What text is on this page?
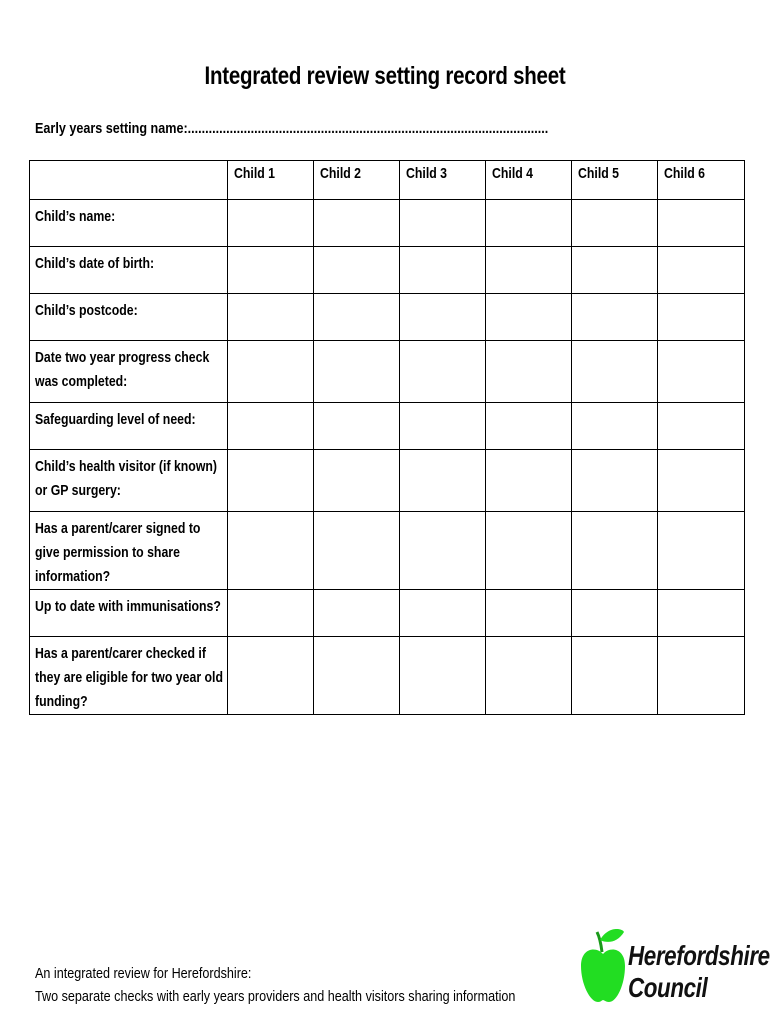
Integrated review setting record sheet
Early years setting name:.......................................................................................................
	Child 1	Child 2	Child 3	Child 4	Child 5	Child 6

Child’s name:						

Child’s date of birth:						

Child’s postcode:						

Date two year progress check was completed:						

Safeguarding level of need:						

Child’s health visitor (if known) or GP surgery:						

Has a parent/carer signed to give permission to share information?						

Up to date with immunisations?						

Has a parent/carer checked if they are eligible for two year old funding?						

An integrated review for Herefordshire:
Two separate checks with early years providers and health visitors sharing information
Herefordshire
Council
